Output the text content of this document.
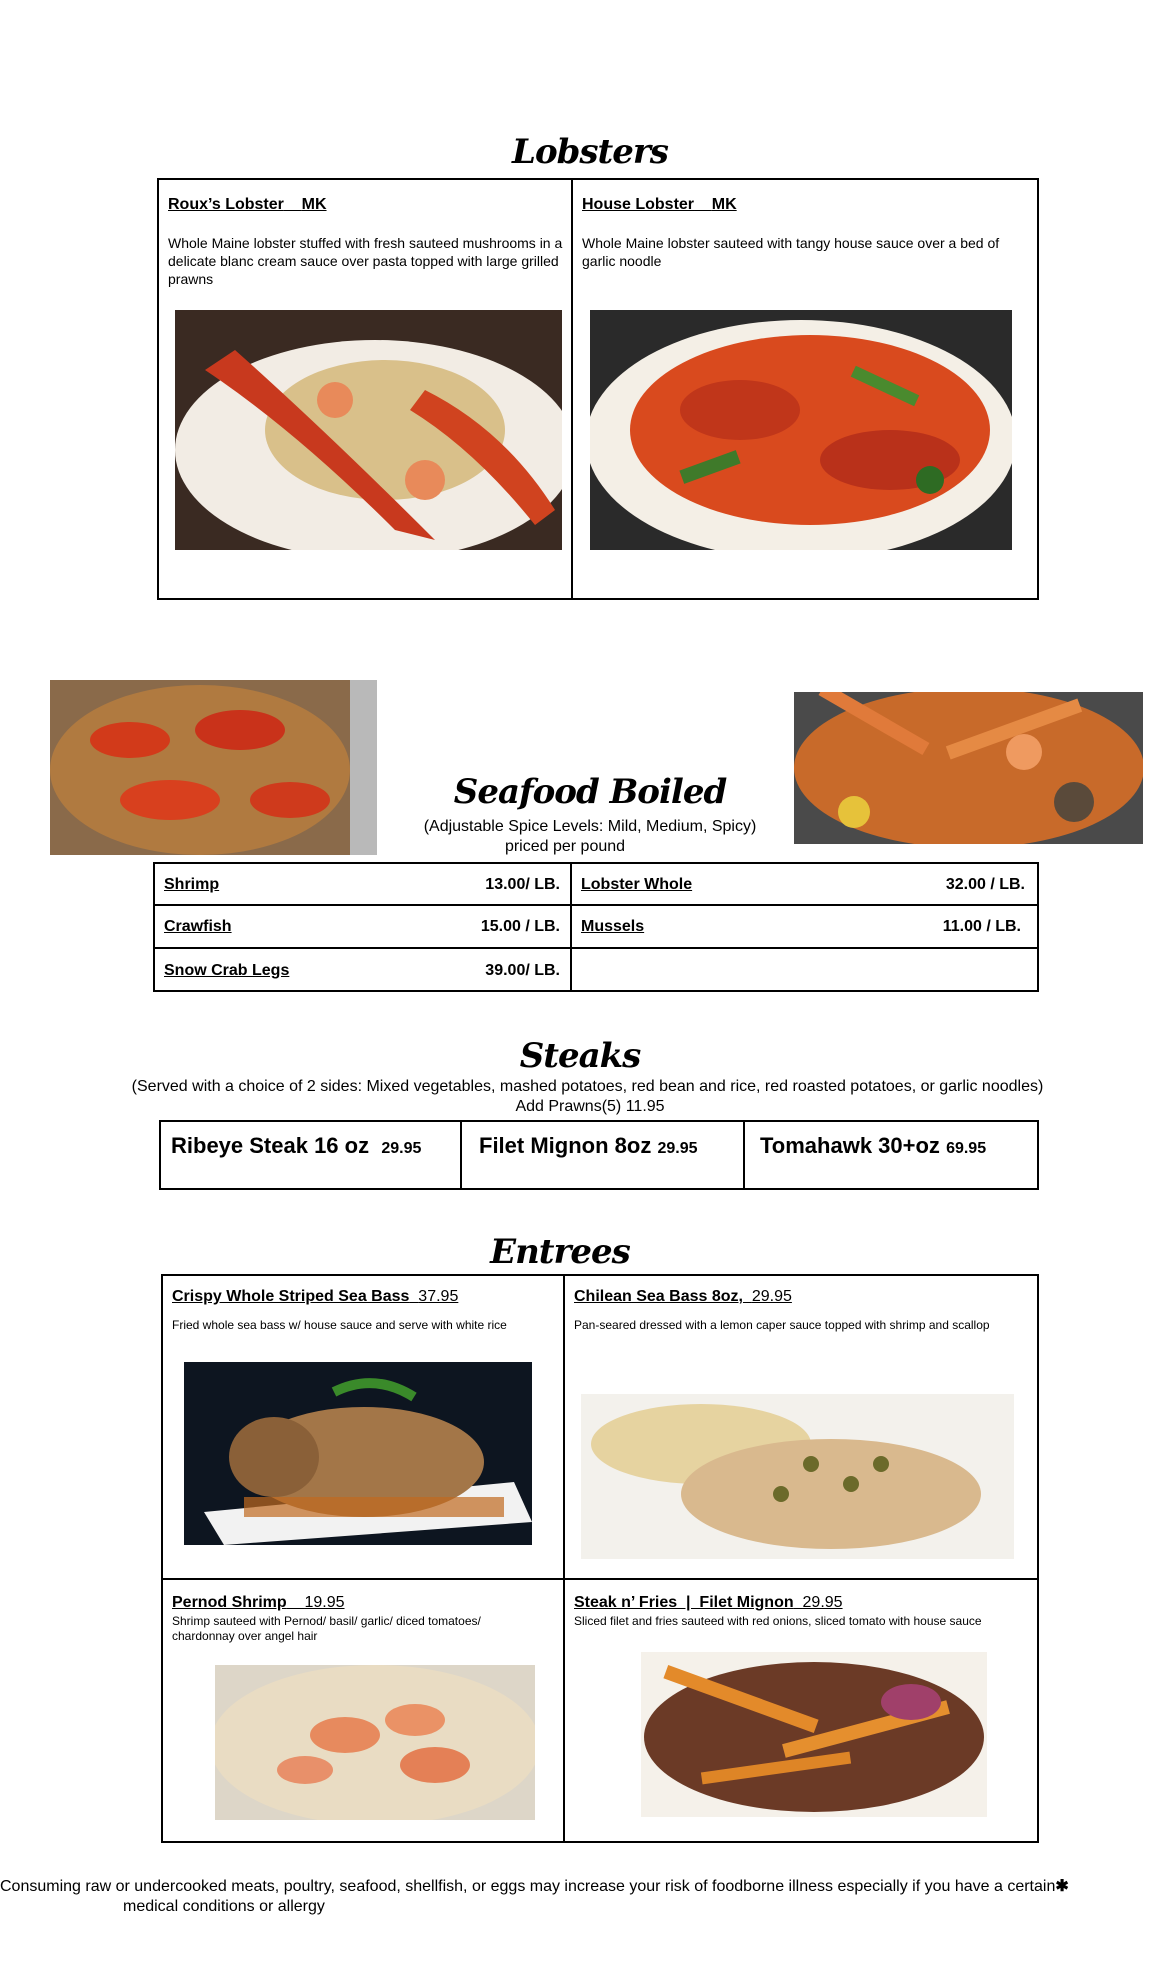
Lobsters
Roux’s Lobster MK
Whole Maine lobster stuffed with fresh sauteed mushrooms in a delicate blanc cream sauce over pasta topped with large grilled prawns
House Lobster MK
Whole Maine lobster sauteed with tangy house sauce over a bed of garlic noodle
Seafood Boiled
(Adjustable Spice Levels: Mild, Medium, Spicy)
priced per pound
Shrimp	13.00/ LB. Lobster Whole	32.00 / LB.
Crawfish	15.00 / LB. Mussels	11.00 / LB.
Snow Crab Legs	39.00/ LB.
Steaks
(Served with a choice of 2 sides: Mixed vegetables, mashed potatoes, red bean and rice, red roasted potatoes, or garlic noodles)
Add Prawns(5) 11.95
Ribeye Steak 16 oz 29.95	Filet Mignon 8oz 29.95	Tomahawk 30+oz 69.95
Entrees
Crispy Whole Striped Sea Bass 37.95
Fried whole sea bass w/ house sauce and serve with white rice
Chilean Sea Bass 8oz, 29.95
Pan-seared dressed with a lemon caper sauce topped with shrimp and scallop
Pernod Shrimp 19.95
Shrimp sauteed with Pernod/ basil/ garlic/ diced tomatoes/ chardonnay over angel hair
Steak n’ Fries  |  Filet Mignon 29.95
Sliced filet and fries sauteed with red onions, sliced tomato with house sauce
Consuming raw or undercooked meats, poultry, seafood, shellfish, or eggs may increase your risk of foodborne illness especially if you have a certain✱
medical conditions or allergy
